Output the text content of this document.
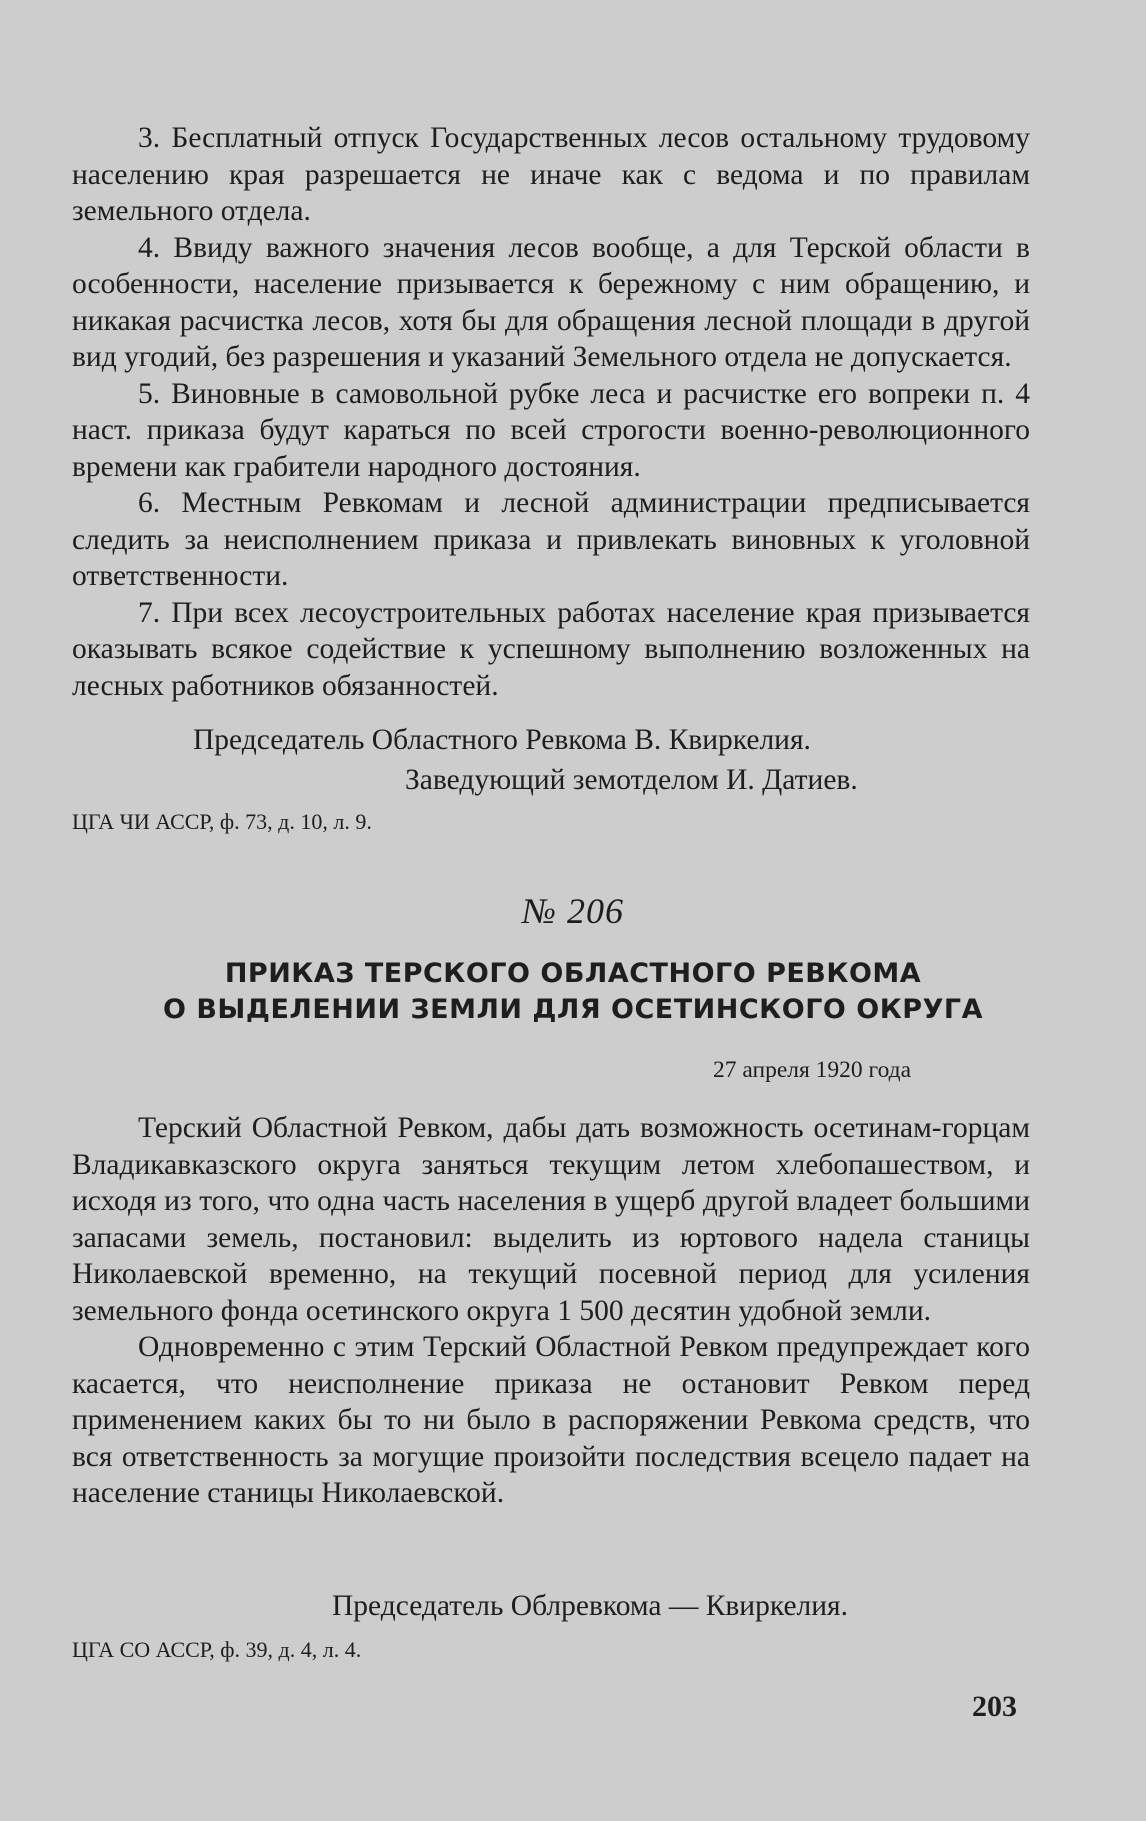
3. Бесплатный отпуск Государственных лесов остальному трудовому населению края разрешается не иначе как с ведома и по правилам земельного отдела.

4. Ввиду важного значения лесов вообще, а для Терской области в особенности, население призывается к бережному с ним обращению, и никакая расчистка лесов, хотя бы для обращения лесной площади в другой вид угодий, без разрешения и указаний Земельного отдела не допускается.

5. Виновные в самовольной рубке леса и расчистке его вопреки п. 4 наст. приказа будут караться по всей строгости военно-революционного времени как грабители народного достояния.

6. Местным Ревкомам и лесной администрации предписывается следить за неисполнением приказа и привлекать виновных к уголовной ответственности.

7. При всех лесоустроительных работах население края призывается оказывать всякое содействие к успешному выполнению возложенных на лесных работников обязанностей.

Председатель Областного Ревкома В. Квиркелия.
Заведующий земотделом И. Датиев.
ЦГА ЧИ АССР, ф. 73, д. 10, л. 9.
№ 206
ПРИКАЗ ТЕРСКОГО ОБЛАСТНОГО РЕВКОМА
О ВЫДЕЛЕНИИ ЗЕМЛИ ДЛЯ ОСЕТИНСКОГО ОКРУГА
27 апреля 1920 года

Терский Областной Ревком, дабы дать возможность осетинам-горцам Владикавказского округа заняться текущим летом хлебопашеством, и исходя из того, что одна часть населения в ущерб другой владеет большими запасами земель, постановил: выделить из юртового надела станицы Николаевской временно, на текущий посевной период для усиления земельного фонда осетинского округа 1 500 десятин удобной земли.

Одновременно с этим Терский Областной Ревком предупреждает кого касается, что неисполнение приказа не остановит Ревком перед применением каких бы то ни было в распоряжении Ревкома средств, что вся ответственность за могущие произойти последствия всецело падает на население станицы Николаевской.

Председатель Облревкома — Квиркелия.
ЦГА СО АССР, ф. 39, д. 4, л. 4.
203
